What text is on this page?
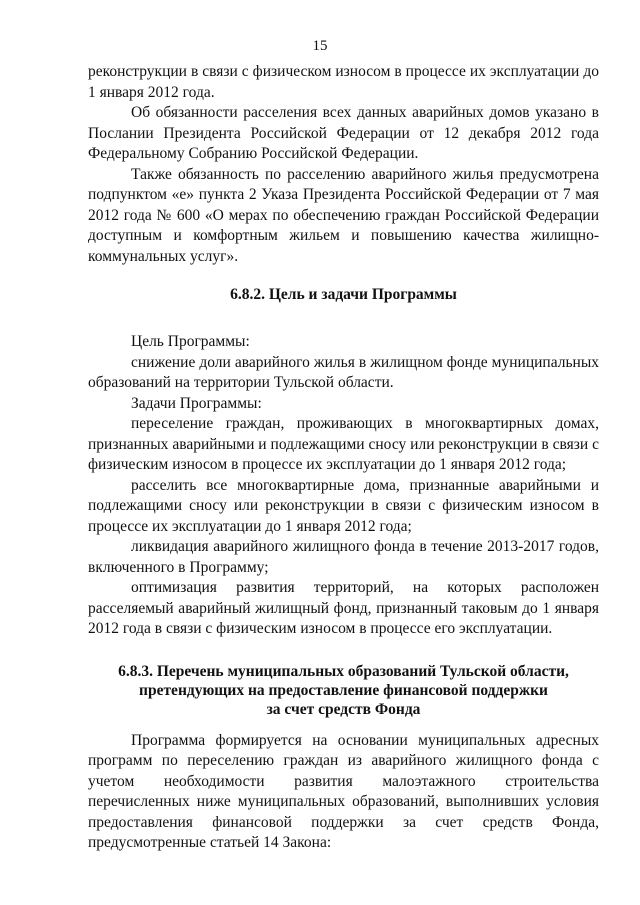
15

реконструкции в связи с физическом износом в процессе их эксплуатации до 1 января 2012 года.

Об обязанности расселения всех данных аварийных домов указано в Послании Президента Российской Федерации от 12 декабря 2012 года Федеральному Собранию Российской Федерации.

Также обязанность по расселению аварийного жилья предусмотрена подпунктом «е» пункта 2 Указа Президента Российской Федерации от 7 мая 2012 года № 600 «О мерах по обеспечению граждан Российской Федерации доступным и комфортным жильем и повышению качества жилищно-коммунальных услуг».

6.8.2. Цель и задачи Программы

Цель Программы:

снижение доли аварийного жилья в жилищном фонде муниципальных образований на территории Тульской области.

Задачи Программы:

переселение граждан, проживающих в многоквартирных домах, признанных аварийными и подлежащими сносу или реконструкции в связи с физическим износом в процессе их эксплуатации до 1 января 2012 года;

расселить все многоквартирные дома, признанные аварийными и подлежащими сносу или реконструкции в связи с физическим износом в процессе их эксплуатации до 1 января 2012 года;

ликвидация аварийного жилищного фонда в течение 2013-2017 годов, включенного в Программу;

оптимизация развития территорий, на которых расположен расселяемый аварийный жилищный фонд, признанный таковым до 1 января 2012 года в связи с физическим износом в процессе его эксплуатации.

6.8.3. Перечень муниципальных образований Тульской области,
претендующих на предоставление финансовой поддержки
за счет средств Фонда

Программа формируется на основании муниципальных адресных программ по переселению граждан из аварийного жилищного фонда с учетом необходимости развития малоэтажного строительства перечисленных ниже муниципальных образований, выполнивших условия предоставления финансовой поддержки за счет средств Фонда, предусмотренные статьей 14 Закона:
